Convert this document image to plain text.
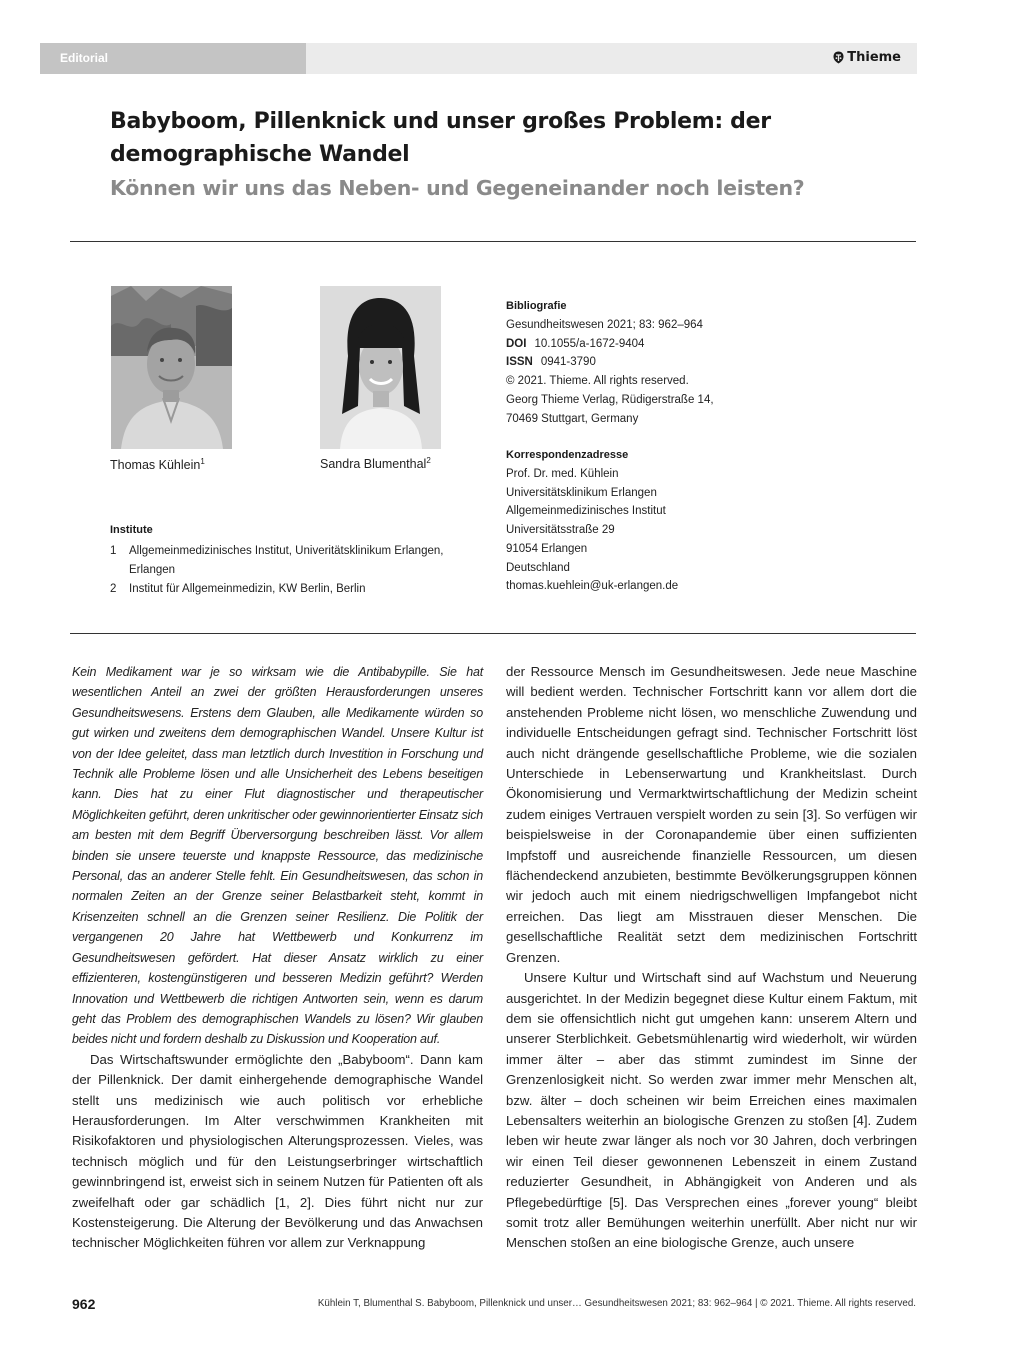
Editorial	Thieme
Babyboom, Pillenknick und unser großes Problem: der demographische Wandel
Können wir uns das Neben- und Gegeneinander noch leisten?
Thomas Kühlein$^1$	Sandra Blumenthal$^2$
Institute
1	Allgemeinmedizinisches Institut, Univeritätsklinikum Erlangen, Erlangen
2	Institut für Allgemeinmedizin, KW Berlin, Berlin
Bibliografie
Gesundheitswesen 2021; 83: 962–964
DOI 10.1055/a-1672-9404
ISSN 0941-3790
© 2021. Thieme. All rights reserved.
Georg Thieme Verlag, Rüdigerstraße 14,
70469 Stuttgart, Germany
Korrespondenzadresse
Prof. Dr. med. Kühlein
Universitätsklinikum Erlangen
Allgemeinmedizinisches Institut
Universitätsstraße 29
91054 Erlangen
Deutschland
thomas.kuehlein@uk-erlangen.de

Kein Medikament war je so wirksam wie die Antibabypille. Sie hat wesentlichen Anteil an zwei der größten Herausforderungen unseres Gesundheitswesens. Erstens dem Glauben, alle Medikamente würden so gut wirken und zweitens dem demographischen Wandel. Unsere Kultur ist von der Idee geleitet, dass man letztlich durch Investition in Forschung und Technik alle Probleme lösen und alle Unsicherheit des Lebens beseitigen kann. Dies hat zu einer Flut diagnostischer und therapeutischer Möglichkeiten geführt, deren unkritischer oder gewinnorientierter Einsatz sich am besten mit dem Begriff Überversorgung beschreiben lässt. Vor allem binden sie unsere teuerste und knappste Ressource, das medizinische Personal, das an anderer Stelle fehlt. Ein Gesundheitswesen, das schon in normalen Zeiten an der Grenze seiner Belastbarkeit steht, kommt in Krisenzeiten schnell an die Grenzen seiner Resilienz. Die Politik der vergangenen 20 Jahre hat Wettbewerb und Konkurrenz im Gesundheitswesen gefördert. Hat dieser Ansatz wirklich zu einer effizienteren, kostengünstigeren und besseren Medizin geführt? Werden Innovation und Wettbewerb die richtigen Antworten sein, wenn es darum geht das Problem des demographischen Wandels zu lösen? Wir glauben beides nicht und fordern deshalb zu Diskussion und Kooperation auf.

Das Wirtschaftswunder ermöglichte den „Babyboom“. Dann kam der Pillenknick. Der damit einhergehende demographische Wandel stellt uns medizinisch wie auch politisch vor erhebliche Herausforderungen. Im Alter verschwimmen Krankheiten mit Risikofaktoren und physiologischen Alterungsprozessen. Vieles, was technisch möglich und für den Leistungserbringer wirtschaftlich gewinnbringend ist, erweist sich in seinem Nutzen für Patienten oft als zweifelhaft oder gar schädlich [1, 2]. Dies führt nicht nur zur Kostensteigerung. Die Alterung der Bevölkerung und das Anwachsen technischer Möglichkeiten führen vor allem zur Verknappung

der Ressource Mensch im Gesundheitswesen. Jede neue Maschine will bedient werden. Technischer Fortschritt kann vor allem dort die anstehenden Probleme nicht lösen, wo menschliche Zuwendung und individuelle Entscheidungen gefragt sind. Technischer Fortschritt löst auch nicht drängende gesellschaftliche Probleme, wie die sozialen Unterschiede in Lebenserwartung und Krankheitslast. Durch Ökonomisierung und Vermarktwirtschaftlichung der Medizin scheint zudem einiges Vertrauen verspielt worden zu sein [3]. So verfügen wir beispielsweise in der Coronapandemie über einen suffizienten Impfstoff und ausreichende finanzielle Ressourcen, um diesen flächendeckend anzubieten, bestimmte Bevölkerungsgruppen können wir jedoch auch mit einem niedrigschwelligen Impfangebot nicht erreichen. Das liegt am Misstrauen dieser Menschen. Die gesellschaftliche Realität setzt dem medizinischen Fortschritt Grenzen.

Unsere Kultur und Wirtschaft sind auf Wachstum und Neuerung ausgerichtet. In der Medizin begegnet diese Kultur einem Faktum, mit dem sie offensichtlich nicht gut umgehen kann: unserem Altern und unserer Sterblichkeit. Gebetsmühlenartig wird wiederholt, wir würden immer älter – aber das stimmt zumindest im Sinne der Grenzenlosigkeit nicht. So werden zwar immer mehr Menschen alt, bzw. älter – doch scheinen wir beim Erreichen eines maximalen Lebensalters weiterhin an biologische Grenzen zu stoßen [4]. Zudem leben wir heute zwar länger als noch vor 30 Jahren, doch verbringen wir einen Teil dieser gewonnenen Lebenszeit in einem Zustand reduzierter Gesundheit, in Abhängigkeit von Anderen und als Pflegebedürftige [5]. Das Versprechen eines „forever young“ bleibt somit trotz aller Bemühungen weiterhin unerfüllt. Aber nicht nur wir Menschen stoßen an eine biologische Grenze, auch unsere

962	Kühlein T, Blumenthal S. Babyboom, Pillenknick und unser… Gesundheitswesen 2021; 83: 962–964 | © 2021. Thieme. All rights reserved.
